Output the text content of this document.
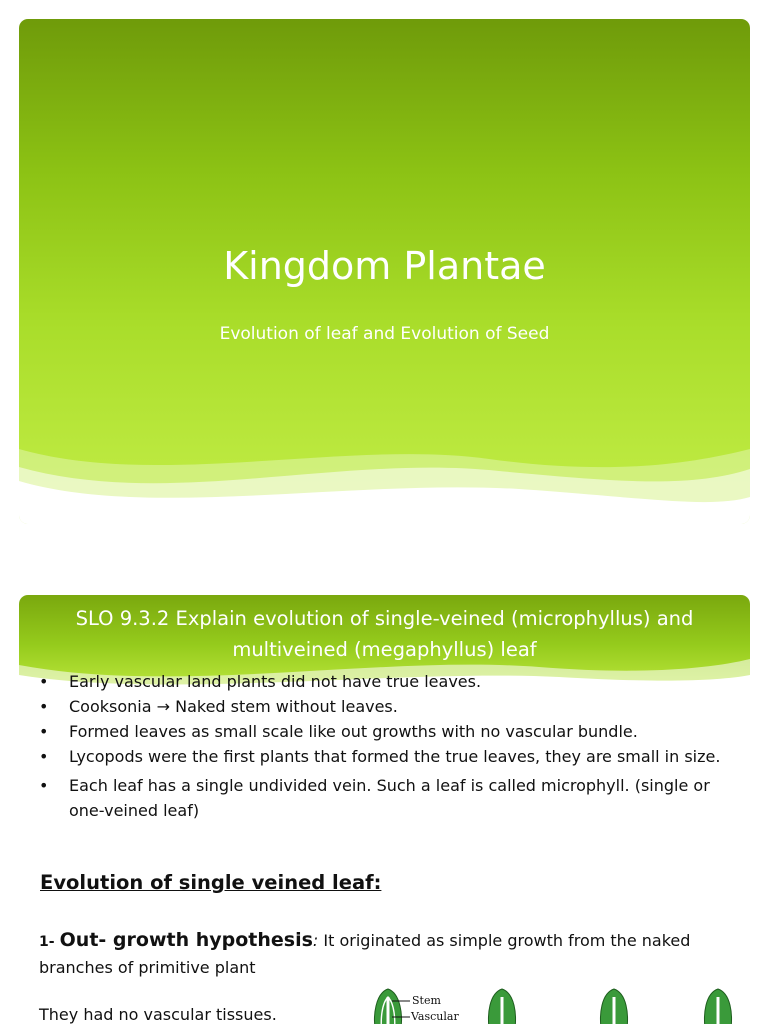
Kingdom Plantae
Evolution of leaf and Evolution of Seed
SLO 9.3.2 Explain evolution of single-veined (microphyllus) and
multiveined (megaphyllus) leaf
• Early vascular land plants did not have true leaves.
• Cooksonia → Naked stem without leaves.
• Formed leaves as small scale like out growths with no vascular bundle.
• Lycopods were the first plants that formed the true leaves, they are small in size.
• Each leaf has a single undivided vein. Such a leaf is called microphyll. (single or one-veined leaf)
Evolution of single veined leaf:
1- Out- growth hypothesis: It originated as simple growth from the naked branches of primitive plant
They had no vascular tissues.
Stem
Vascular
